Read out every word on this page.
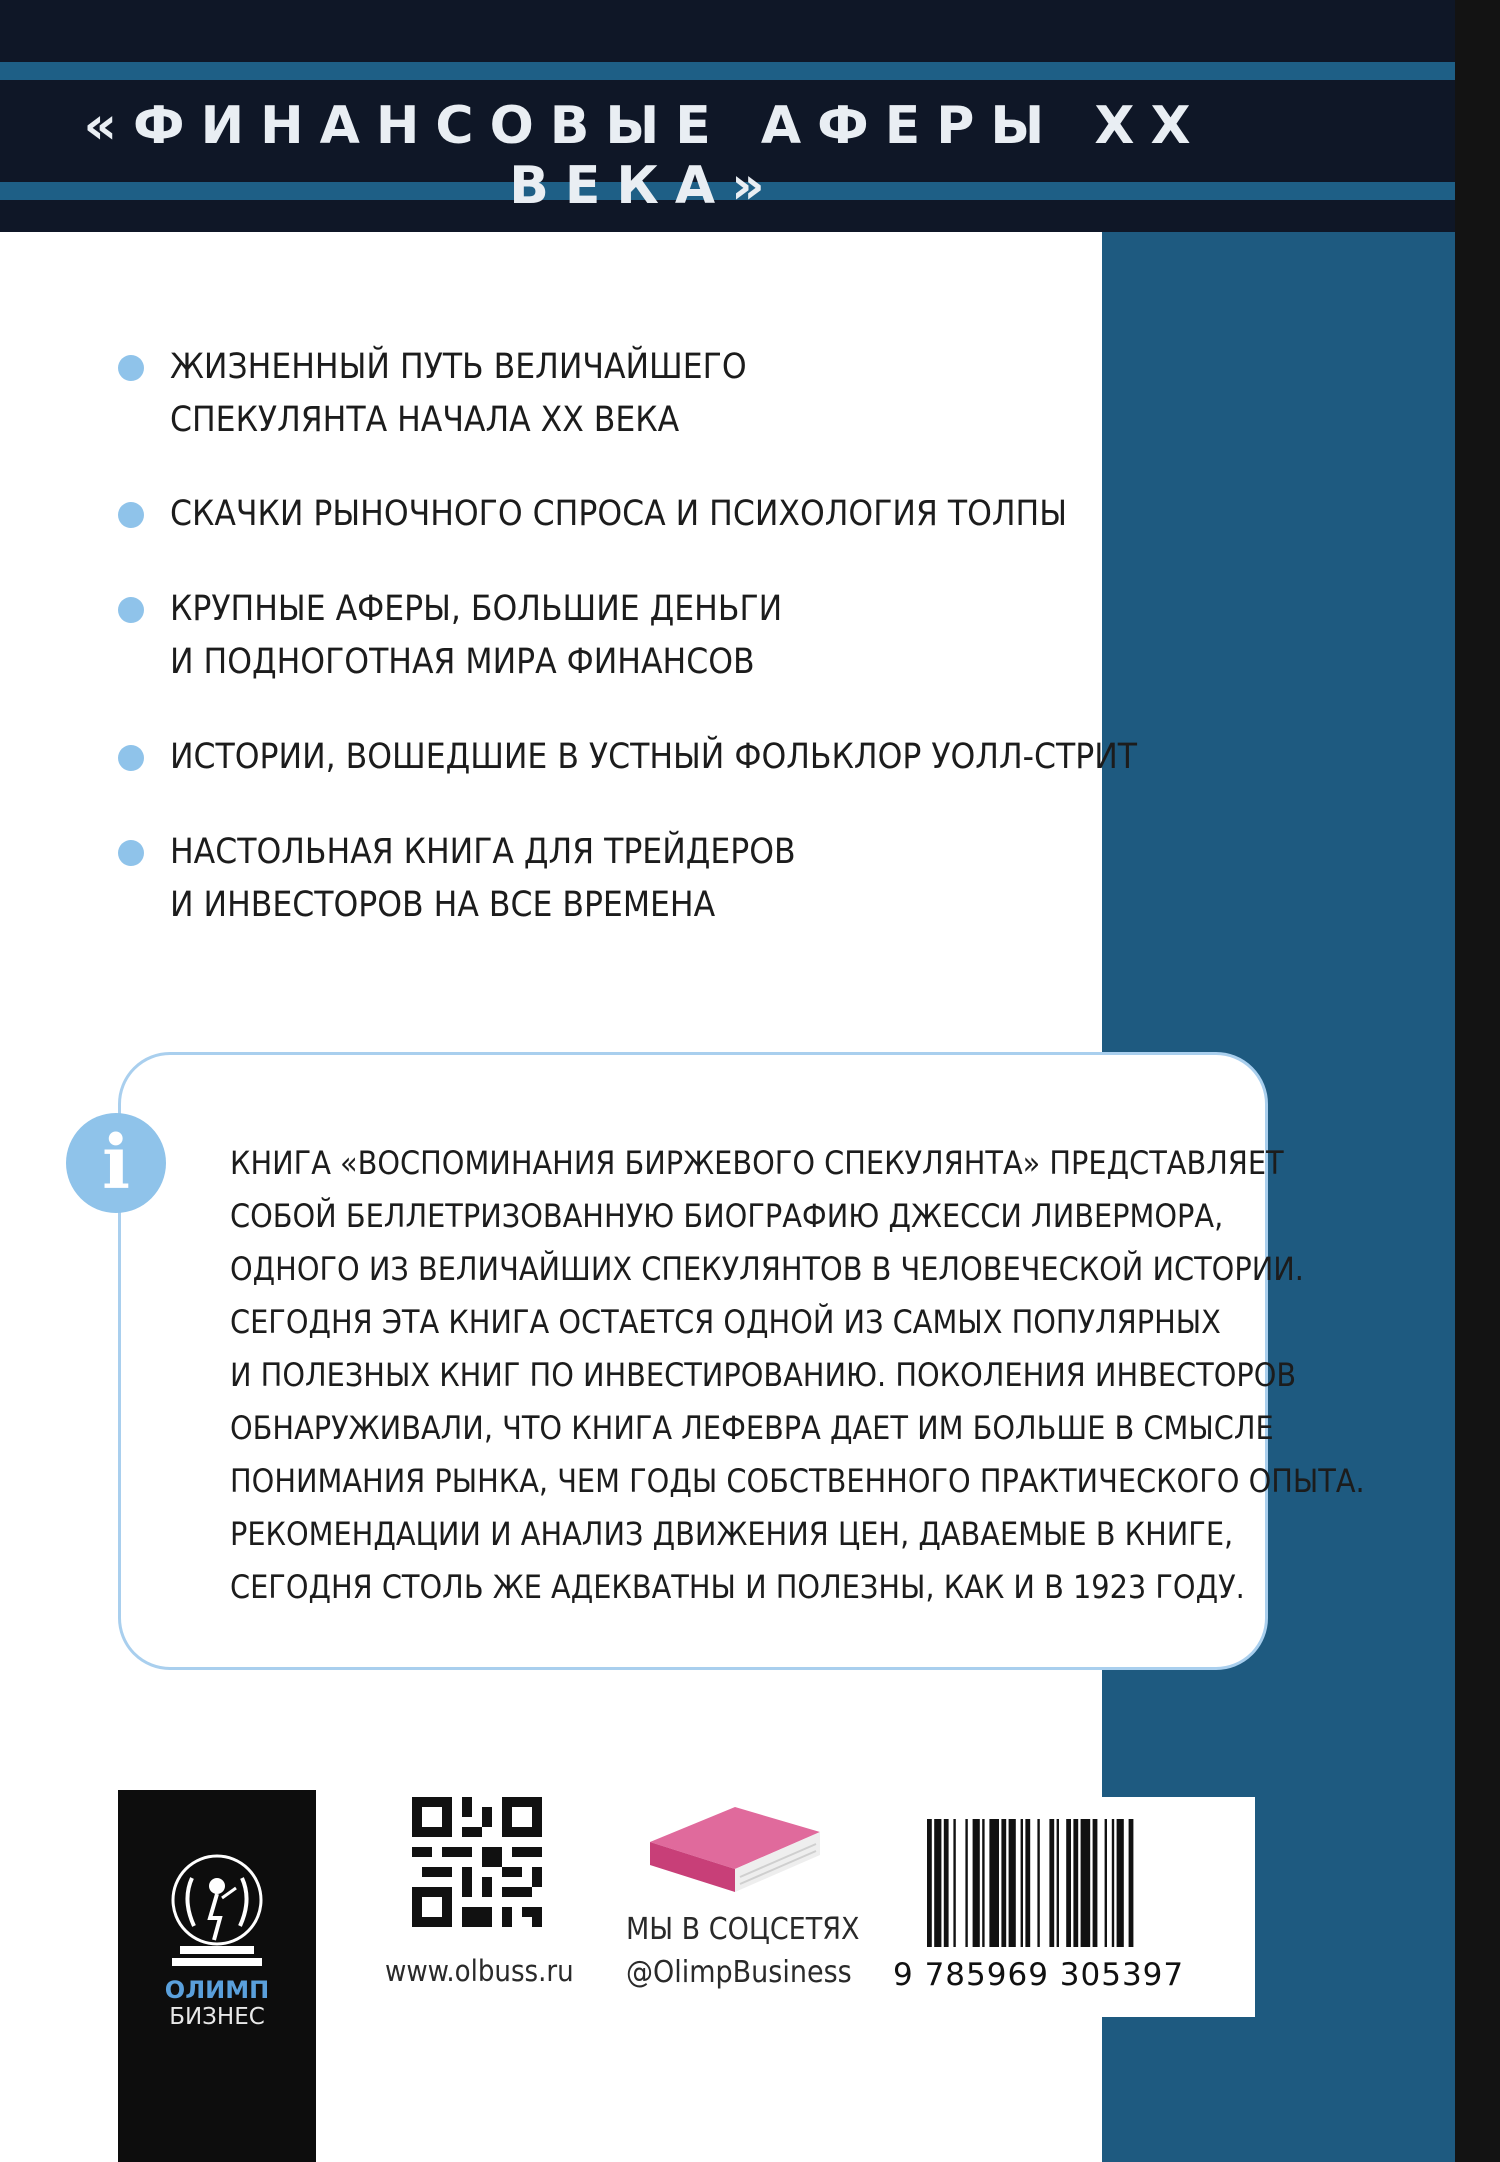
«ФИНАНСОВЫЕ АФЕРЫ XX ВЕКА»
ЖИЗНЕННЫЙ ПУТЬ ВЕЛИЧАЙШЕГО
СПЕКУЛЯНТА НАЧАЛА XX ВЕКА
СКАЧКИ РЫНОЧНОГО СПРОСА И ПСИХОЛОГИЯ ТОЛПЫ
КРУПНЫЕ АФЕРЫ, БОЛЬШИЕ ДЕНЬГИ
И ПОДНОГОТНАЯ МИРА ФИНАНСОВ
ИСТОРИИ, ВОШЕДШИЕ В УСТНЫЙ ФОЛЬКЛОР УОЛЛ-СТРИТ
НАСТОЛЬНАЯ КНИГА ДЛЯ ТРЕЙДЕРОВ
И ИНВЕСТОРОВ НА ВСЕ ВРЕМЕНА
i	КНИГА «ВОСПОМИНАНИЯ БИРЖЕВОГО СПЕКУЛЯНТА» ПРЕДСТАВЛЯЕТ
СОБОЙ БЕЛЛЕТРИЗОВАННУЮ БИОГРАФИЮ ДЖЕССИ ЛИВЕРМОРА,
ОДНОГО ИЗ ВЕЛИЧАЙШИХ СПЕКУЛЯНТОВ В ЧЕЛОВЕЧЕСКОЙ ИСТОРИИ.
СЕГОДНЯ ЭТА КНИГА ОСТАЕТСЯ ОДНОЙ ИЗ САМЫХ ПОПУЛЯРНЫХ
И ПОЛЕЗНЫХ КНИГ ПО ИНВЕСТИРОВАНИЮ. ПОКОЛЕНИЯ ИНВЕСТОРОВ
ОБНАРУЖИВАЛИ, ЧТО КНИГА ЛЕФЕВРА ДАЕТ ИМ БОЛЬШЕ В СМЫСЛЕ
ПОНИМАНИЯ РЫНКА, ЧЕМ ГОДЫ СОБСТВЕННОГО ПРАКТИЧЕСКОГО ОПЫТА.
РЕКОМЕНДАЦИИ И АНАЛИЗ ДВИЖЕНИЯ ЦЕН, ДАВАЕМЫЕ В КНИГЕ,
СЕГОДНЯ СТОЛЬ ЖЕ АДЕКВАТНЫ И ПОЛЕЗНЫ, КАК И В 1923 ГОДУ.
ОЛИМП
БИЗНЕС
www.olbuss.ru
МЫ В СОЦСЕТЯХ
@OlimpBusiness 9 785969 305397
